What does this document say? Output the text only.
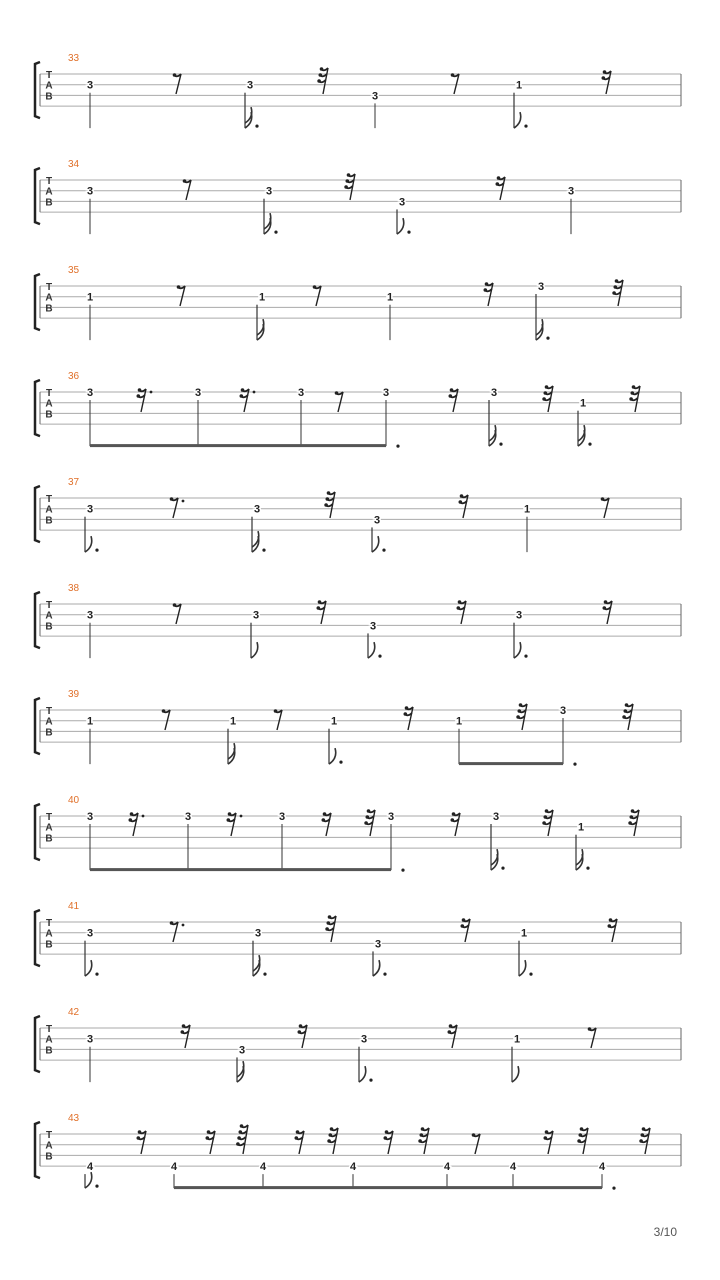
33
T
A
B
3	3
3
1
34
T
A
B
3	3
3
3
35
T
A
B
1	1	1
3
36
T
A
B
3	3	3	3	3
1
37
T
A
B
3	3
3
1
38
T
A
B
3	3
3
3
39
T
A
B
1	1	1	1
3
40
T
A
B
3	3	3	3	3
1
41
T
A
B
3	3
3
1
42
T
A
B
3
3
3	1
43
T
A
B
4	4	4	4	4	4	4
3/10
